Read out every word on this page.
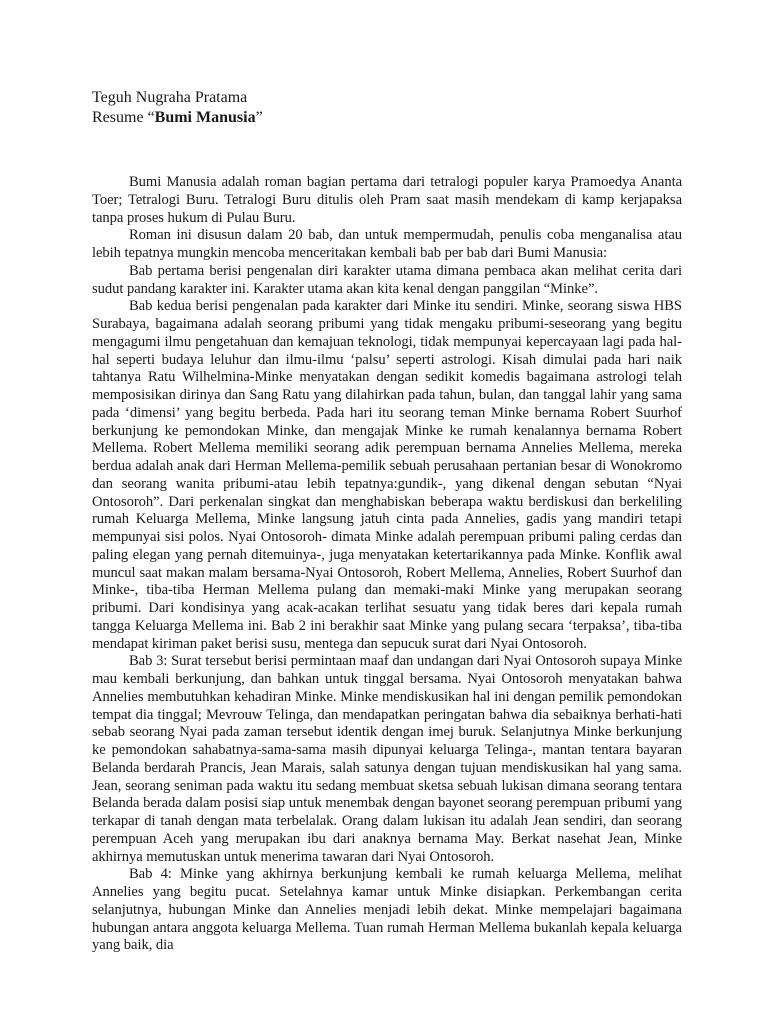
Teguh Nugraha Pratama
Resume “Bumi Manusia”

Bumi Manusia adalah roman bagian pertama dari tetralogi populer karya Pramoedya Ananta Toer; Tetralogi Buru. Tetralogi Buru ditulis oleh Pram saat masih mendekam di kamp kerjapaksa tanpa proses hukum di Pulau Buru.

Roman ini disusun dalam 20 bab, dan untuk mempermudah, penulis coba menganalisa atau lebih tepatnya mungkin mencoba menceritakan kembali bab per bab dari Bumi Manusia:

Bab pertama berisi pengenalan diri karakter utama dimana pembaca akan melihat cerita dari sudut pandang karakter ini. Karakter utama akan kita kenal dengan panggilan “Minke”.

Bab kedua berisi pengenalan pada karakter dari Minke itu sendiri. Minke, seorang siswa HBS Surabaya, bagaimana adalah seorang pribumi yang tidak mengaku pribumi-seseorang yang begitu mengagumi ilmu pengetahuan dan kemajuan teknologi, tidak mempunyai kepercayaan lagi pada hal-hal seperti budaya leluhur dan ilmu-ilmu ‘palsu’ seperti astrologi. Kisah dimulai pada hari naik tahtanya Ratu Wilhelmina-Minke menyatakan dengan sedikit komedis bagaimana astrologi telah memposisikan dirinya dan Sang Ratu yang dilahirkan pada tahun, bulan, dan tanggal lahir yang sama pada ‘dimensi’ yang begitu berbeda. Pada hari itu seorang teman Minke bernama Robert Suurhof berkunjung ke pemondokan Minke, dan mengajak Minke ke rumah kenalannya bernama Robert Mellema. Robert Mellema memiliki seorang adik perempuan bernama Annelies Mellema, mereka berdua adalah anak dari Herman Mellema-pemilik sebuah perusahaan pertanian besar di Wonokromo dan seorang wanita pribumi-atau lebih tepatnya:gundik-, yang dikenal dengan sebutan “Nyai Ontosoroh”. Dari perkenalan singkat dan menghabiskan beberapa waktu berdiskusi dan berkeliling rumah Keluarga Mellema, Minke langsung jatuh cinta pada Annelies, gadis yang mandiri tetapi mempunyai sisi polos. Nyai Ontosoroh- dimata Minke adalah perempuan pribumi paling cerdas dan paling elegan yang pernah ditemuinya-, juga menyatakan ketertarikannya pada Minke. Konflik awal muncul saat makan malam bersama-Nyai Ontosoroh, Robert Mellema, Annelies, Robert Suurhof dan Minke-, tiba-tiba Herman Mellema pulang dan memaki-maki Minke yang merupakan seorang pribumi. Dari kondisinya yang acak-acakan terlihat sesuatu yang tidak beres dari kepala rumah tangga Keluarga Mellema ini. Bab 2 ini berakhir saat Minke yang pulang secara ‘terpaksa’, tiba-tiba mendapat kiriman paket berisi susu, mentega dan sepucuk surat dari Nyai Ontosoroh.

Bab 3: Surat tersebut berisi permintaan maaf dan undangan dari Nyai Ontosoroh supaya Minke mau kembali berkunjung, dan bahkan untuk tinggal bersama. Nyai Ontosoroh menyatakan bahwa Annelies membutuhkan kehadiran Minke. Minke mendiskusikan hal ini dengan pemilik pemondokan tempat dia tinggal; Mevrouw Telinga, dan mendapatkan peringatan bahwa dia sebaiknya berhati-hati sebab seorang Nyai pada zaman tersebut identik dengan imej buruk. Selanjutnya Minke berkunjung ke pemondokan sahabatnya-sama-sama masih dipunyai keluarga Telinga-, mantan tentara bayaran Belanda berdarah Prancis, Jean Marais, salah satunya dengan tujuan mendiskusikan hal yang sama. Jean, seorang seniman pada waktu itu sedang membuat sketsa sebuah lukisan dimana seorang tentara Belanda berada dalam posisi siap untuk menembak dengan bayonet seorang perempuan pribumi yang terkapar di tanah dengan mata terbelalak. Orang dalam lukisan itu adalah Jean sendiri, dan seorang perempuan Aceh yang merupakan ibu dari anaknya bernama May. Berkat nasehat Jean, Minke akhirnya memutuskan untuk menerima tawaran dari Nyai Ontosoroh.

Bab 4: Minke yang akhirnya berkunjung kembali ke rumah keluarga Mellema, melihat Annelies yang begitu pucat. Setelahnya kamar untuk Minke disiapkan. Perkembangan cerita selanjutnya, hubungan Minke dan Annelies menjadi lebih dekat. Minke mempelajari bagaimana hubungan antara anggota keluarga Mellema. Tuan rumah Herman Mellema bukanlah kepala keluarga yang baik, dia
